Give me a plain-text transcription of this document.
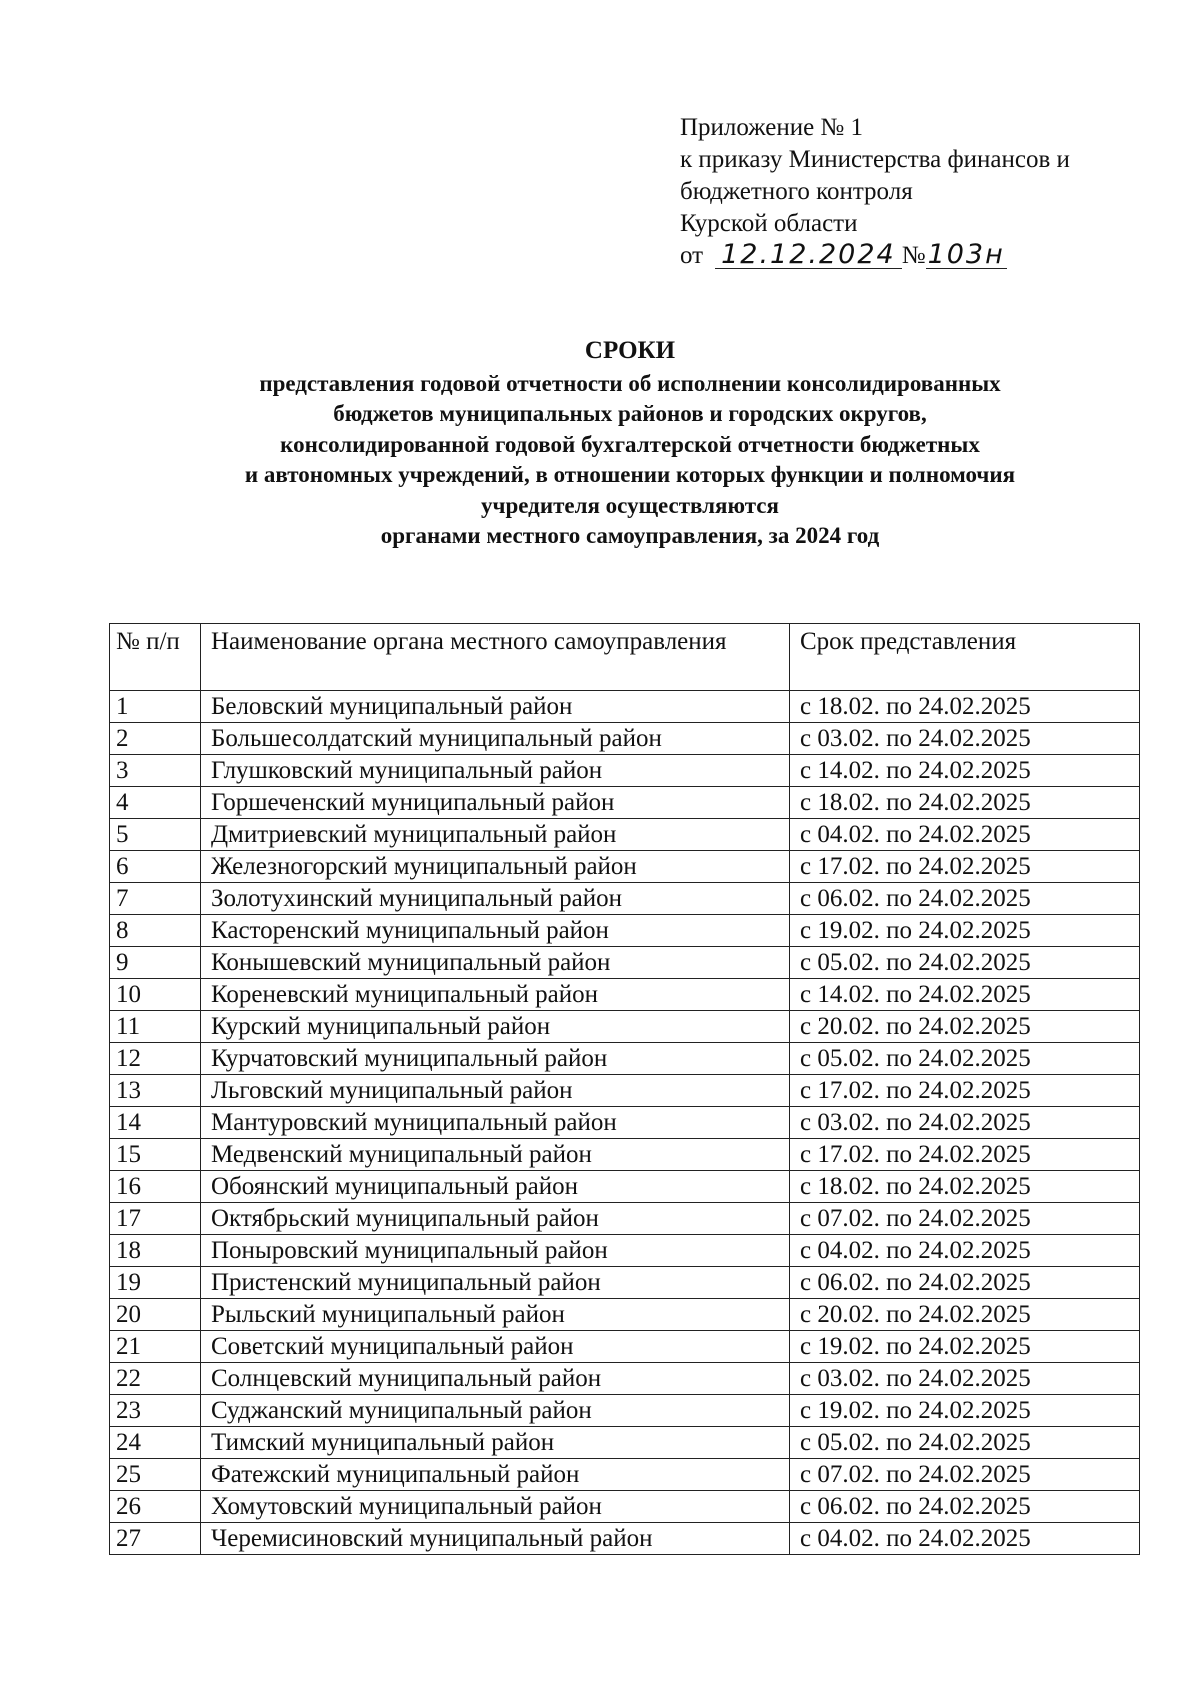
Приложение № 1
к приказу Министерства финансов и
бюджетного контроля
Курской области
от 12.12.2024 № 103н
СРОКИ
представления годовой отчетности об исполнении консолидированных
бюджетов муниципальных районов и городских округов,
консолидированной годовой бухгалтерской отчетности бюджетных
и автономных учреждений, в отношении которых функции и полномочия
учредителя осуществляются
органами местного самоуправления, за 2024 год
№ п/п	Наименование органа местного самоуправления	Срок представления
1	Беловский муниципальный район	с 18.02. по 24.02.2025
2	Большесолдатский муниципальный район	с 03.02. по 24.02.2025
3	Глушковский муниципальный район	с 14.02. по 24.02.2025
4	Горшеченский муниципальный район	с 18.02. по 24.02.2025
5	Дмитриевский муниципальный район	с 04.02. по 24.02.2025
6	Железногорский муниципальный район	с 17.02. по 24.02.2025
7	Золотухинский муниципальный район	с 06.02. по 24.02.2025
8	Касторенский муниципальный район	с 19.02. по 24.02.2025
9	Конышевский муниципальный район	с 05.02. по 24.02.2025
10	Кореневский муниципальный район	с 14.02. по 24.02.2025
11	Курский муниципальный район	с 20.02. по 24.02.2025
12	Курчатовский муниципальный район	с 05.02. по 24.02.2025
13	Льговский муниципальный район	с 17.02. по 24.02.2025
14	Мантуровский муниципальный район	с 03.02. по 24.02.2025
15	Медвенский муниципальный район	с 17.02. по 24.02.2025
16	Обоянский муниципальный район	с 18.02. по 24.02.2025
17	Октябрьский муниципальный район	с 07.02. по 24.02.2025
18	Поныровский муниципальный район	с 04.02. по 24.02.2025
19	Пристенский муниципальный район	с 06.02. по 24.02.2025
20	Рыльский муниципальный район	с 20.02. по 24.02.2025
21	Советский муниципальный район	с 19.02. по 24.02.2025
22	Солнцевский муниципальный район	с 03.02. по 24.02.2025
23	Суджанский муниципальный район	с 19.02. по 24.02.2025
24	Тимский муниципальный район	с 05.02. по 24.02.2025
25	Фатежский муниципальный район	с 07.02. по 24.02.2025
26	Хомутовский муниципальный район	с 06.02. по 24.02.2025
27	Черемисиновский муниципальный район	с 04.02. по 24.02.2025
